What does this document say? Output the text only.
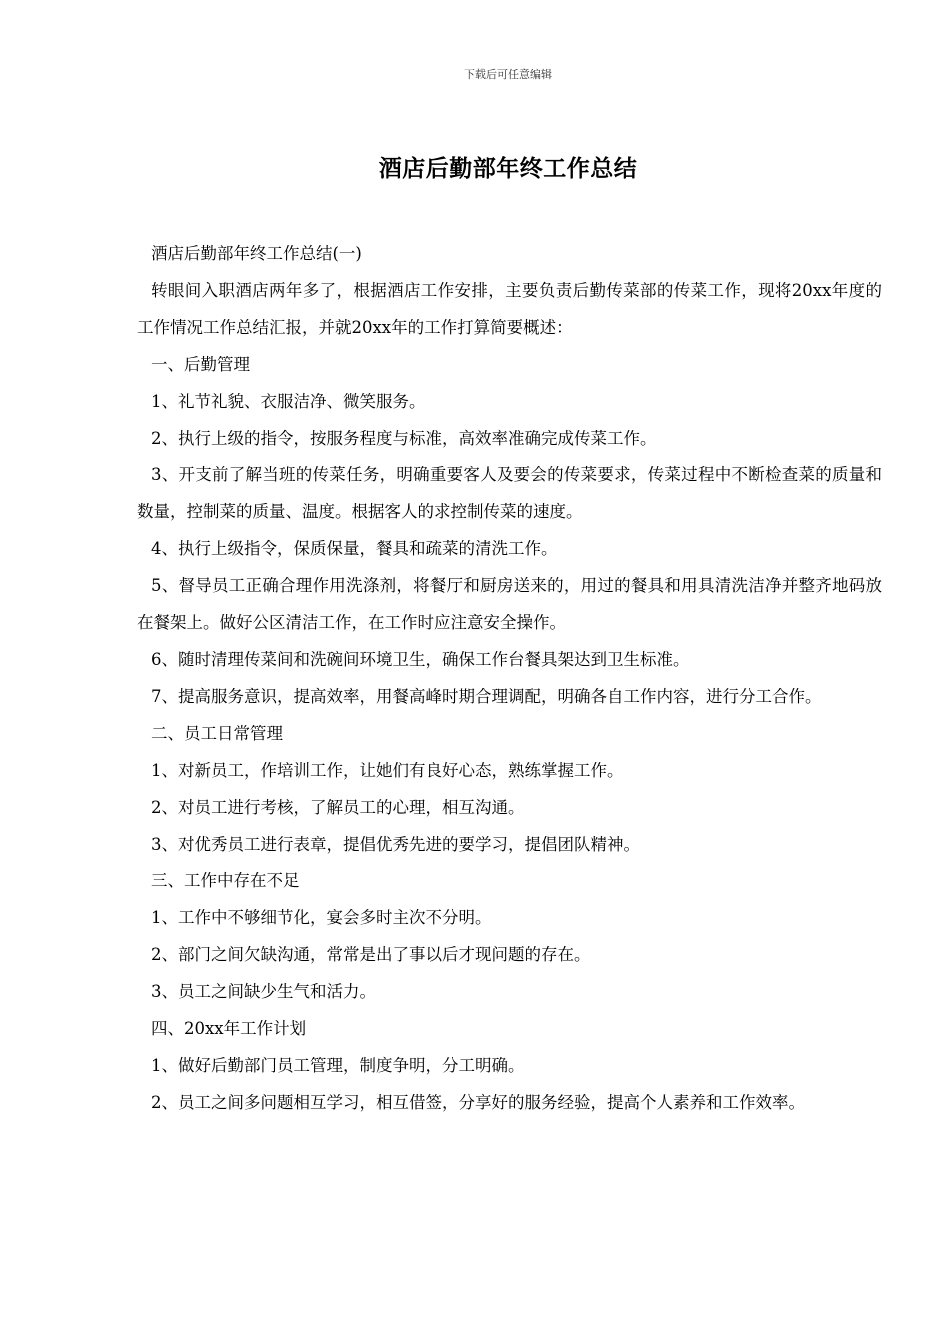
下载后可任意编辑
酒店后勤部年终工作总结

酒店后勤部年终工作总结(一)

转眼间入职酒店两年多了，根据酒店工作安排，主要负责后勤传菜部的传菜工作，现将20xx年度的工作情况工作总结汇报，并就20xx年的工作打算简要概述：

一、后勤管理

1、礼节礼貌、衣服洁净、微笑服务。

2、执行上级的指令，按服务程度与标准，高效率准确完成传菜工作。

3、开支前了解当班的传菜任务，明确重要客人及要会的传菜要求，传菜过程中不断检查菜的质量和数量，控制菜的质量、温度。根据客人的求控制传菜的速度。

4、执行上级指令，保质保量，餐具和疏菜的清洗工作。

5、督导员工正确合理作用洗涤剂，将餐厅和厨房送来的，用过的餐具和用具清洗洁净并整齐地码放在餐架上。做好公区清洁工作，在工作时应注意安全操作。

6、随时清理传菜间和洗碗间环境卫生，确保工作台餐具架达到卫生标准。

7、提高服务意识，提高效率，用餐高峰时期合理调配，明确各自工作内容，进行分工合作。

二、员工日常管理

1、对新员工，作培训工作，让她们有良好心态，熟练掌握工作。

2、对员工进行考核，了解员工的心理，相互沟通。

3、对优秀员工进行表章，提倡优秀先进的要学习，提倡团队精神。

三、工作中存在不足

1、工作中不够细节化，宴会多时主次不分明。

2、部门之间欠缺沟通，常常是出了事以后才现问题的存在。

3、员工之间缺少生气和活力。

四、20xx年工作计划

1、做好后勤部门员工管理，制度争明，分工明确。

2、员工之间多问题相互学习，相互借签，分享好的服务经验，提高个人素养和工作效率。
